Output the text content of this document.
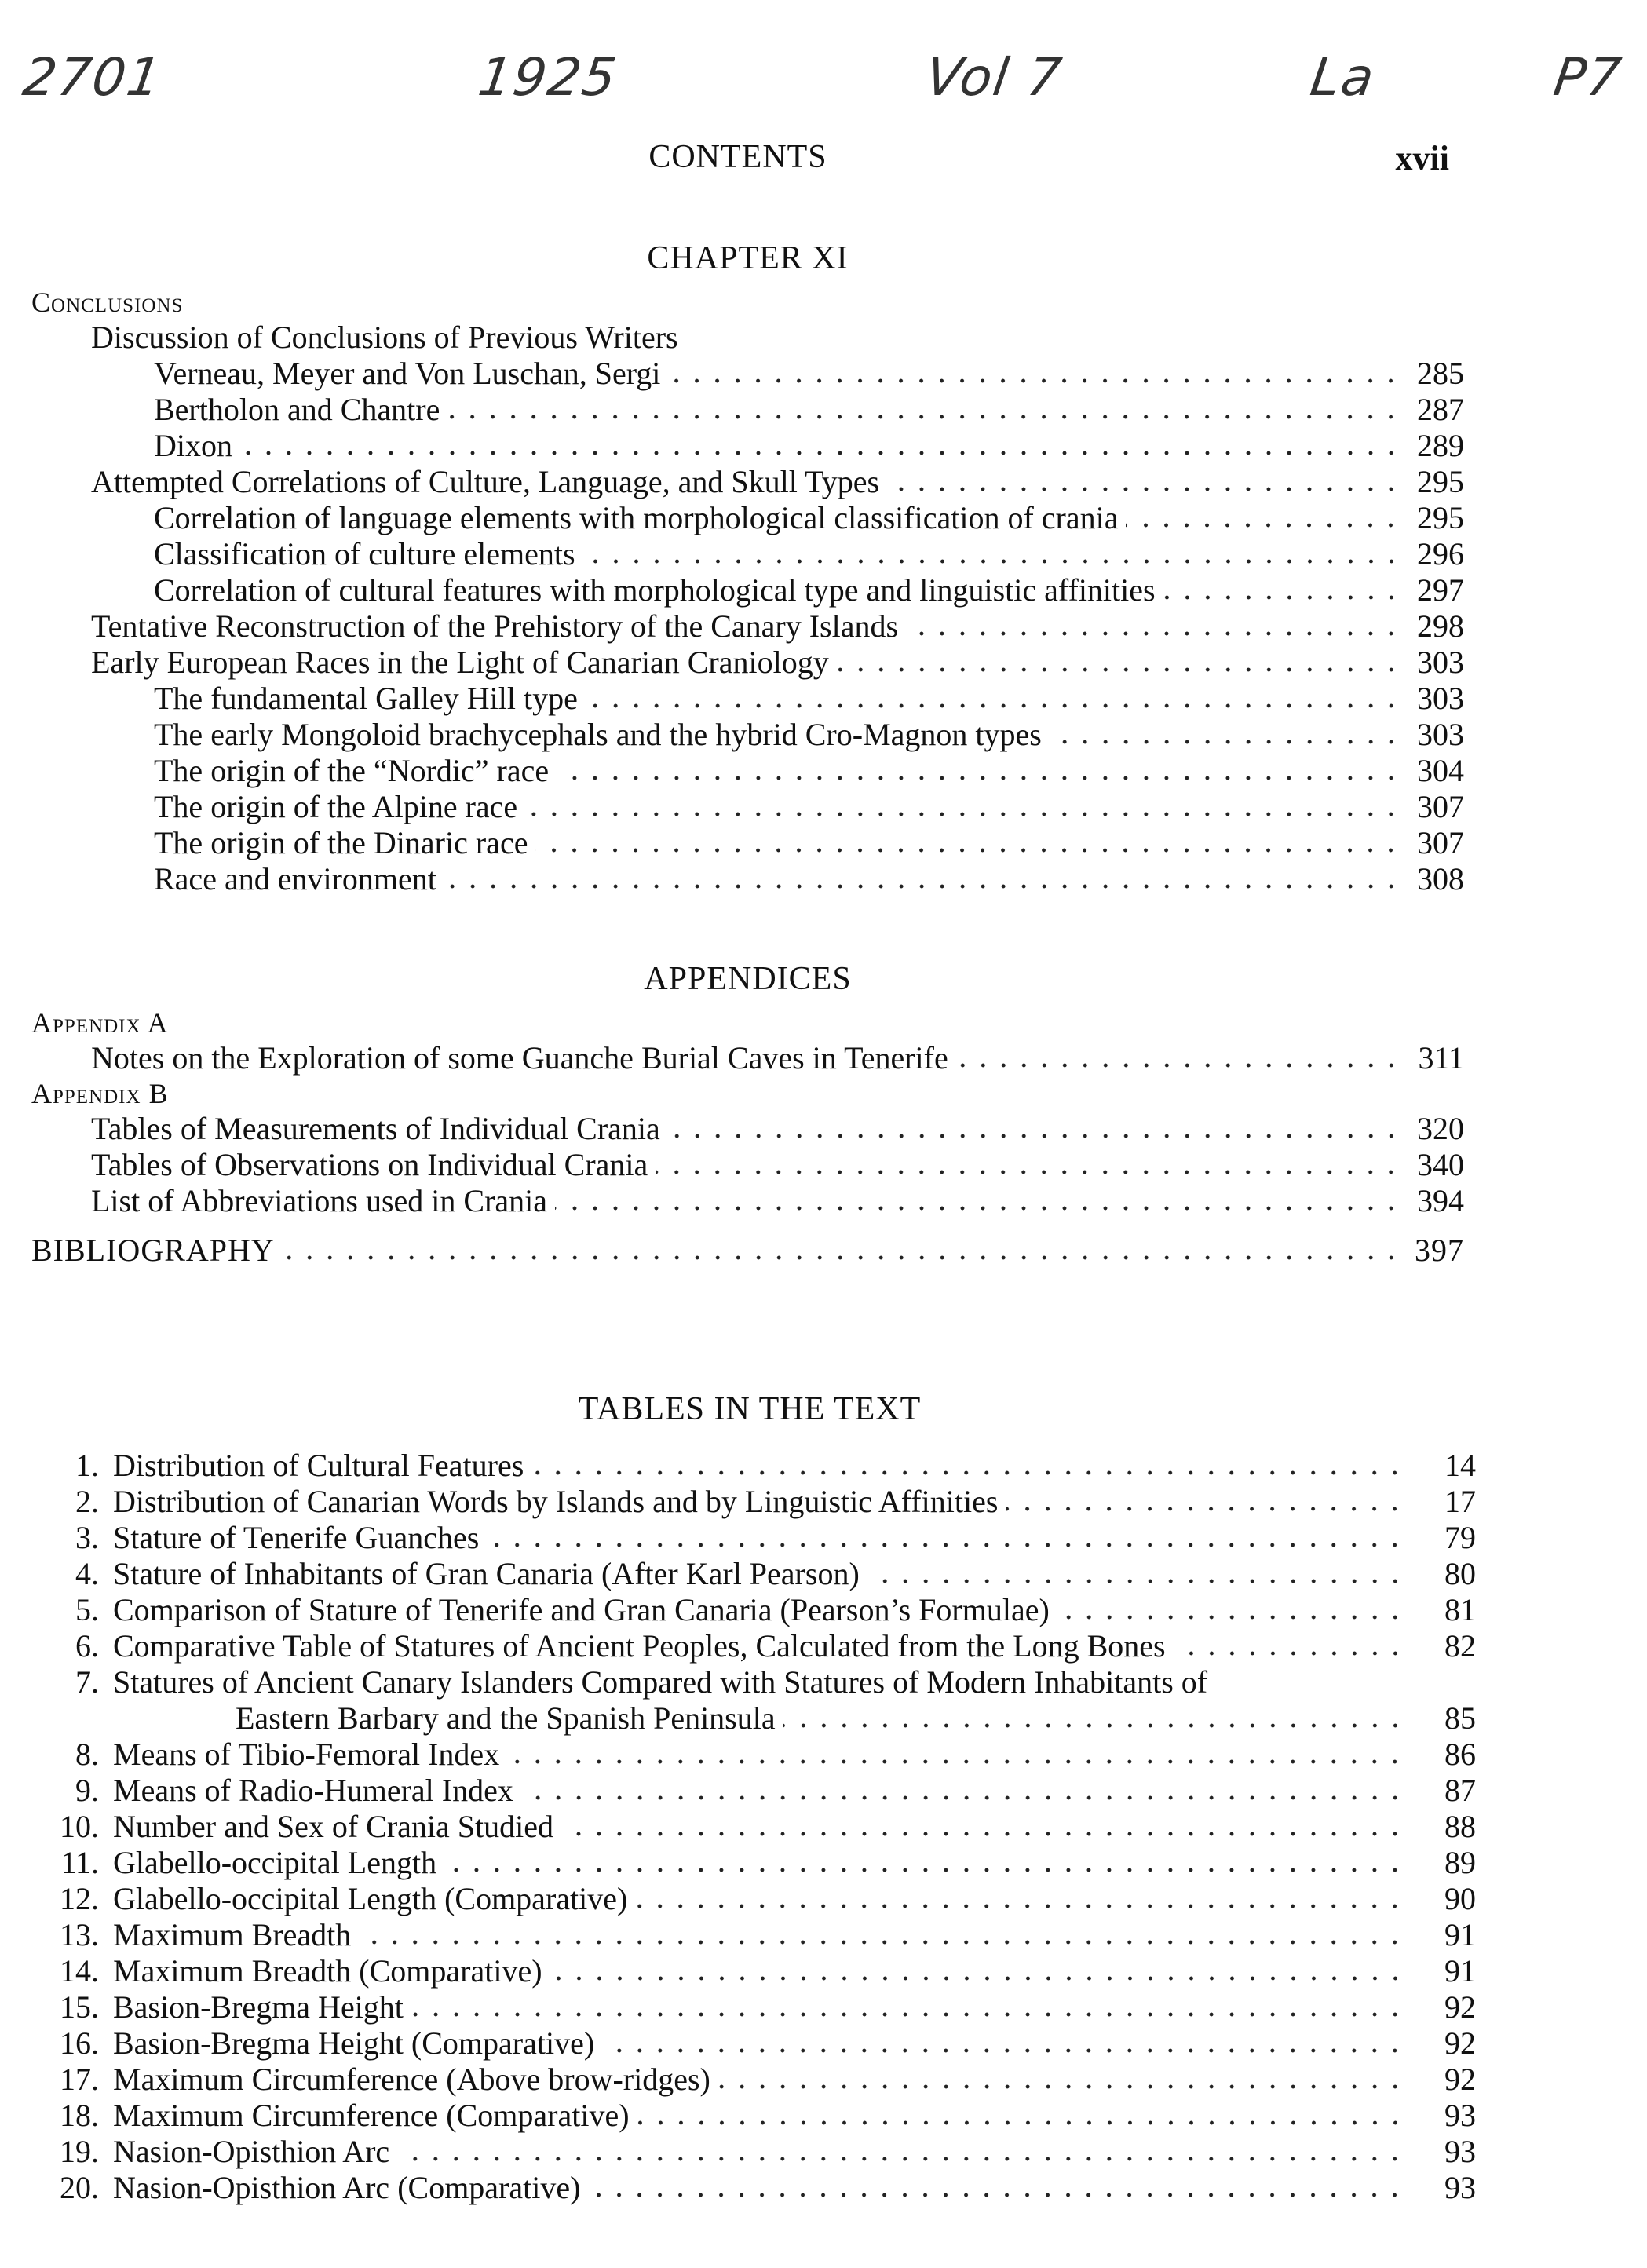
2701	1925	Vol 7	La	P7
CONTENTS	xvii
CHAPTER XI
Conclusions
Discussion of Conclusions of Previous Writers
Verneau, Meyer and Von Luschan, Sergi	285
Bertholon and Chantre	287
Dixon	289
Attempted Correlations of Culture, Language, and Skull Types	295
Correlation of language elements with morphological classification of crania	295
Classification of culture elements	296
Correlation of cultural features with morphological type and linguistic affinities	297
Tentative Reconstruction of the Prehistory of the Canary Islands	298
Early European Races in the Light of Canarian Craniology	303
The fundamental Galley Hill type	303
The early Mongoloid brachycephals and the hybrid Cro-Magnon types	303
The origin of the “Nordic” race	304
The origin of the Alpine race	307
The origin of the Dinaric race	307
Race and environment	308
APPENDICES
Appendix A
Notes on the Exploration of some Guanche Burial Caves in Tenerife	311
Appendix B
Tables of Measurements of Individual Crania	320
Tables of Observations on Individual Crania	340
List of Abbreviations used in Crania	394
BIBLIOGRAPHY	397
TABLES IN THE TEXT
1. Distribution of Cultural Features	14
2. Distribution of Canarian Words by Islands and by Linguistic Affinities	17
3. Stature of Tenerife Guanches	79
4. Stature of Inhabitants of Gran Canaria (After Karl Pearson)	80
5. Comparison of Stature of Tenerife and Gran Canaria (Pearson’s Formulae)	81
6. Comparative Table of Statures of Ancient Peoples, Calculated from the Long Bones	82
7. Statures of Ancient Canary Islanders Compared with Statures of Modern Inhabitants of
Eastern Barbary and the Spanish Peninsula	85
8. Means of Tibio-Femoral Index	86
9. Means of Radio-Humeral Index	87
10. Number and Sex of Crania Studied	88
11. Glabello-occipital Length	89
12. Glabello-occipital Length (Comparative)	90
13. Maximum Breadth	91
14. Maximum Breadth (Comparative)	91
15. Basion-Bregma Height	92
16. Basion-Bregma Height (Comparative)	92
17. Maximum Circumference (Above brow-ridges)	92
18. Maximum Circumference (Comparative)	93
19. Nasion-Opisthion Arc	93
20. Nasion-Opisthion Arc (Comparative)	93
